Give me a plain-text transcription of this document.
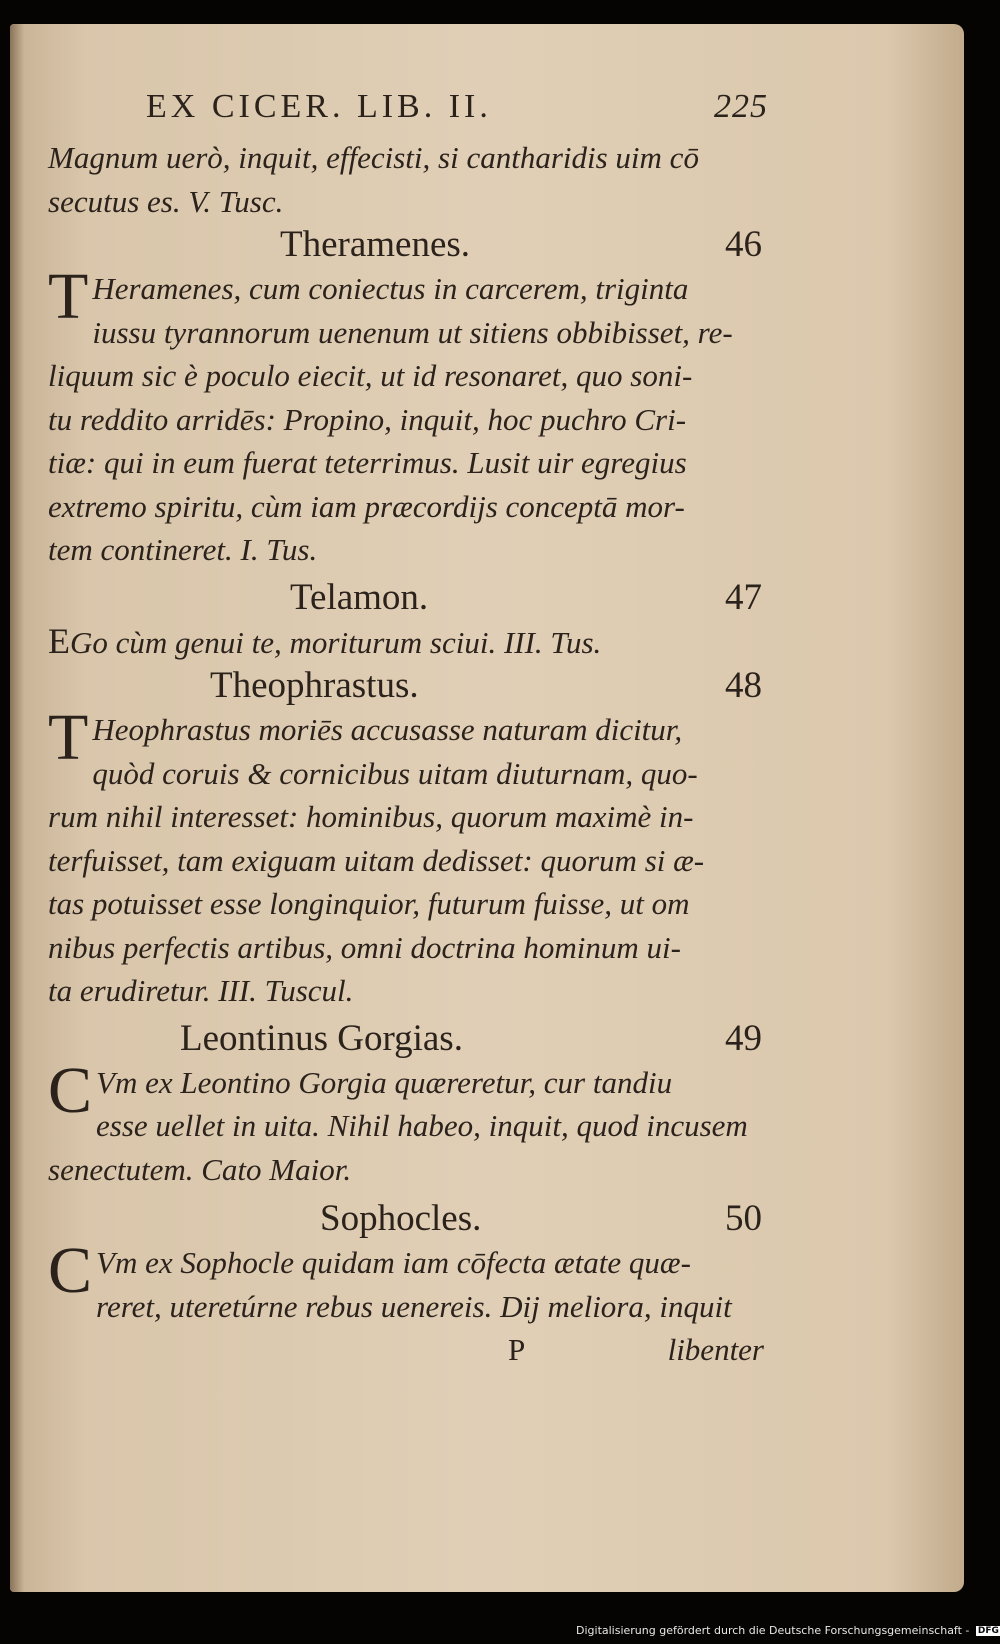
EX CICER. LIB. II.	225

Magnum uerò, inquit, effecisti, si cantharidis uim cō
secutus es. V. Tusc.

Theramenes.	46

T Heramenes, cum coniectus in carcerem, triginta
iussu tyrannorum uenenum ut sitiens obbibisset, re-
liquum sic è poculo eiecit, ut id resonaret, quo soni-
tu reddito arridēs: Propino, inquit, hoc puchro Cri-
tiæ: qui in eum fuerat teterrimus. Lusit uir egregius
extremo spiritu, cùm iam præcordijs conceptā mor-
tem contineret. I. Tus.

Telamon.	47

EGo cùm genui te, moriturum sciui. III. Tus.

Theophrastus.	48

T Heophrastus moriēs accusasse naturam dicitur,
quòd coruis & cornicibus uitam diuturnam, quo-
rum nihil interesset: hominibus, quorum maximè in-
terfuisset, tam exiguam uitam dedisset: quorum si æ-
tas potuisset esse longinquior, futurum fuisse, ut om
nibus perfectis artibus, omni doctrina hominum ui-
ta erudiretur. III. Tuscul.

Leontinus Gorgias.	49

C Vm ex Leontino Gorgia quæreretur, cur tandiu
esse uellet in uita. Nihil habeo, inquit, quod incusem
senectutem. Cato Maior.

Sophocles.	50

C Vm ex Sophocle quidam iam cōfecta ætate quæ-
reret, uteretúrne rebus uenereis. Dij meliora, inquit

P	libenter
Digitalisierung gefördert durch die Deutsche Forschungsgemeinschaft - DFG
